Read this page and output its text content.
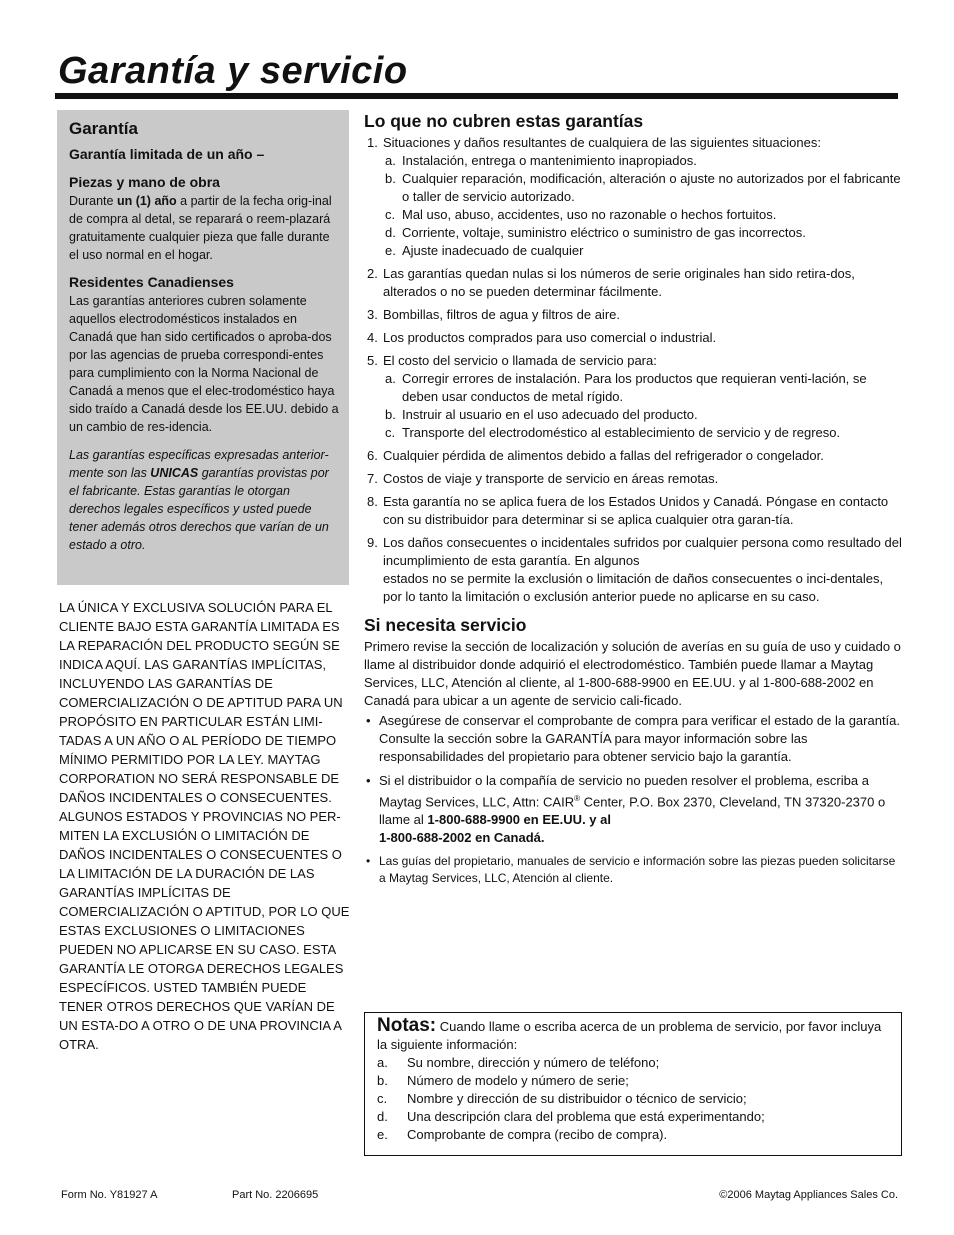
Garantía y servicio
Garantía
Garantía limitada de un año –
Piezas y mano de obra

Durante un (1) año a partir de la fecha orig-inal de compra al detal, se reparará o reem-plazará gratuitamente cualquier pieza que falle durante el uso normal en el hogar.

Residentes Canadienses

Las garantías anteriores cubren solamente aquellos electrodomésticos instalados en Canadá que han sido certificados o aproba-dos por las agencias de prueba correspondi-entes para cumplimiento con la Norma Nacional de Canadá a menos que el elec-trodoméstico haya sido traído a Canadá desde los EE.UU. debido a un cambio de res-idencia.

Las garantías específicas expresadas anterior-mente son las UNICAS garantías provistas por el fabricante. Estas garantías le otorgan derechos legales específicos y usted puede tener además otros derechos que varían de un estado a otro.

LA ÚNICA Y EXCLUSIVA SOLUCIÓN PARA EL CLIENTE BAJO ESTA GARANTÍA LIMITADA ES LA REPARACIÓN DEL PRODUCTO SEGÚN SE INDICA AQUÍ. LAS GARANTÍAS IMPLÍCITAS, INCLUYENDO LAS GARANTÍAS DE COMERCIALIZACIÓN O DE APTITUD PARA UN PROPÓSITO EN PARTICULAR ESTÁN LIMI-TADAS A UN AÑO O AL PERÍODO DE TIEMPO MÍNIMO PERMITIDO POR LA LEY. MAYTAG CORPORATION NO SERÁ RESPONSABLE DE DAÑOS INCIDENTALES O CONSECUENTES. ALGUNOS ESTADOS Y PROVINCIAS NO PER-MITEN LA EXCLUSIÓN O LIMITACIÓN DE DAÑOS INCIDENTALES O CONSECUENTES O LA LIMITACIÓN DE LA DURACIÓN DE LAS GARANTÍAS IMPLÍCITAS DE COMERCIALIZACIÓN O APTITUD, POR LO QUE ESTAS EXCLUSIONES O LIMITACIONES PUEDEN NO APLICARSE EN SU CASO. ESTA GARANTÍA LE OTORGA DERECHOS LEGALES ESPECÍFICOS. USTED TAMBIÉN PUEDE TENER OTROS DERECHOS QUE VARÍAN DE UN ESTA-DO A OTRO O DE UNA PROVINCIA A OTRA.
Lo que no cubren estas garantías
1. Situaciones y daños resultantes de cualquiera de las siguientes situaciones:
a. Instalación, entrega o mantenimiento inapropiados.
b. Cualquier reparación, modificación, alteración o ajuste no autorizados por el fabricante o taller de servicio autorizado.
c. Mal uso, abuso, accidentes, uso no razonable o hechos fortuitos.
d. Corriente, voltaje, suministro eléctrico o suministro de gas incorrectos.
e. Ajuste inadecuado de cualquier
2. Las garantías quedan nulas si los números de serie originales han sido retira-dos, alterados o no se pueden determinar fácilmente.
3. Bombillas, filtros de agua y filtros de aire.
4. Los productos comprados para uso comercial o industrial.
5. El costo del servicio o llamada de servicio para:
a. Corregir errores de instalación. Para los productos que requieran venti-lación, se deben usar conductos de metal rígido.
b. Instruir al usuario en el uso adecuado del producto.
c. Transporte del electrodoméstico al establecimiento de servicio y de regreso.
6. Cualquier pérdida de alimentos debido a fallas del refrigerador o congelador.
7. Costos de viaje y transporte de servicio en áreas remotas.
8. Esta garantía no se aplica fuera de los Estados Unidos y Canadá. Póngase en contacto con su distribuidor para determinar si se aplica cualquier otra garan-tía.
9. Los daños consecuentes o incidentales sufridos por cualquier persona como resultado del incumplimiento de esta garantía. En algunos
estados no se permite la exclusión o limitación de daños consecuentes o inci-dentales, por lo tanto la limitación o exclusión anterior puede no aplicarse en su caso.
Si necesita servicio

Primero revise la sección de localización y solución de averías en su guía de uso y cuidado o llame al distribuidor donde adquirió el electrodoméstico. También puede llamar a Maytag Services, LLC, Atención al cliente, al 1-800-688-9900 en EE.UU. y al 1-800-688-2002 en Canadá para ubicar a un agente de servicio cali-ficado.

• Asegúrese de conservar el comprobante de compra para verificar el estado de la garantía. Consulte la sección sobre la GARANTÍA para mayor información sobre las responsabilidades del propietario para obtener servicio bajo la garantía.
• Si el distribuidor o la compañía de servicio no pueden resolver el problema, escriba a Maytag Services, LLC, Attn: CAIR® Center, P.O. Box 2370, Cleveland, TN 37320-2370 o llame al 1-800-688-9900 en EE.UU. y al
1-800-688-2002 en Canadá.
• Las guías del propietario, manuales de servicio e información sobre las piezas pueden solicitarse a Maytag Services, LLC, Atención al cliente.
Notas: Cuando llame o escriba acerca de un problema de servicio, por favor incluya la siguiente información:
a. Su nombre, dirección y número de teléfono;
b. Número de modelo y número de serie;
c. Nombre y dirección de su distribuidor o técnico de servicio;
d. Una descripción clara del problema que está experimentando;
e. Comprobante de compra (recibo de compra).
Form No. Y81927 A	Part No. 2206695	©2006 Maytag Appliances Sales Co.
